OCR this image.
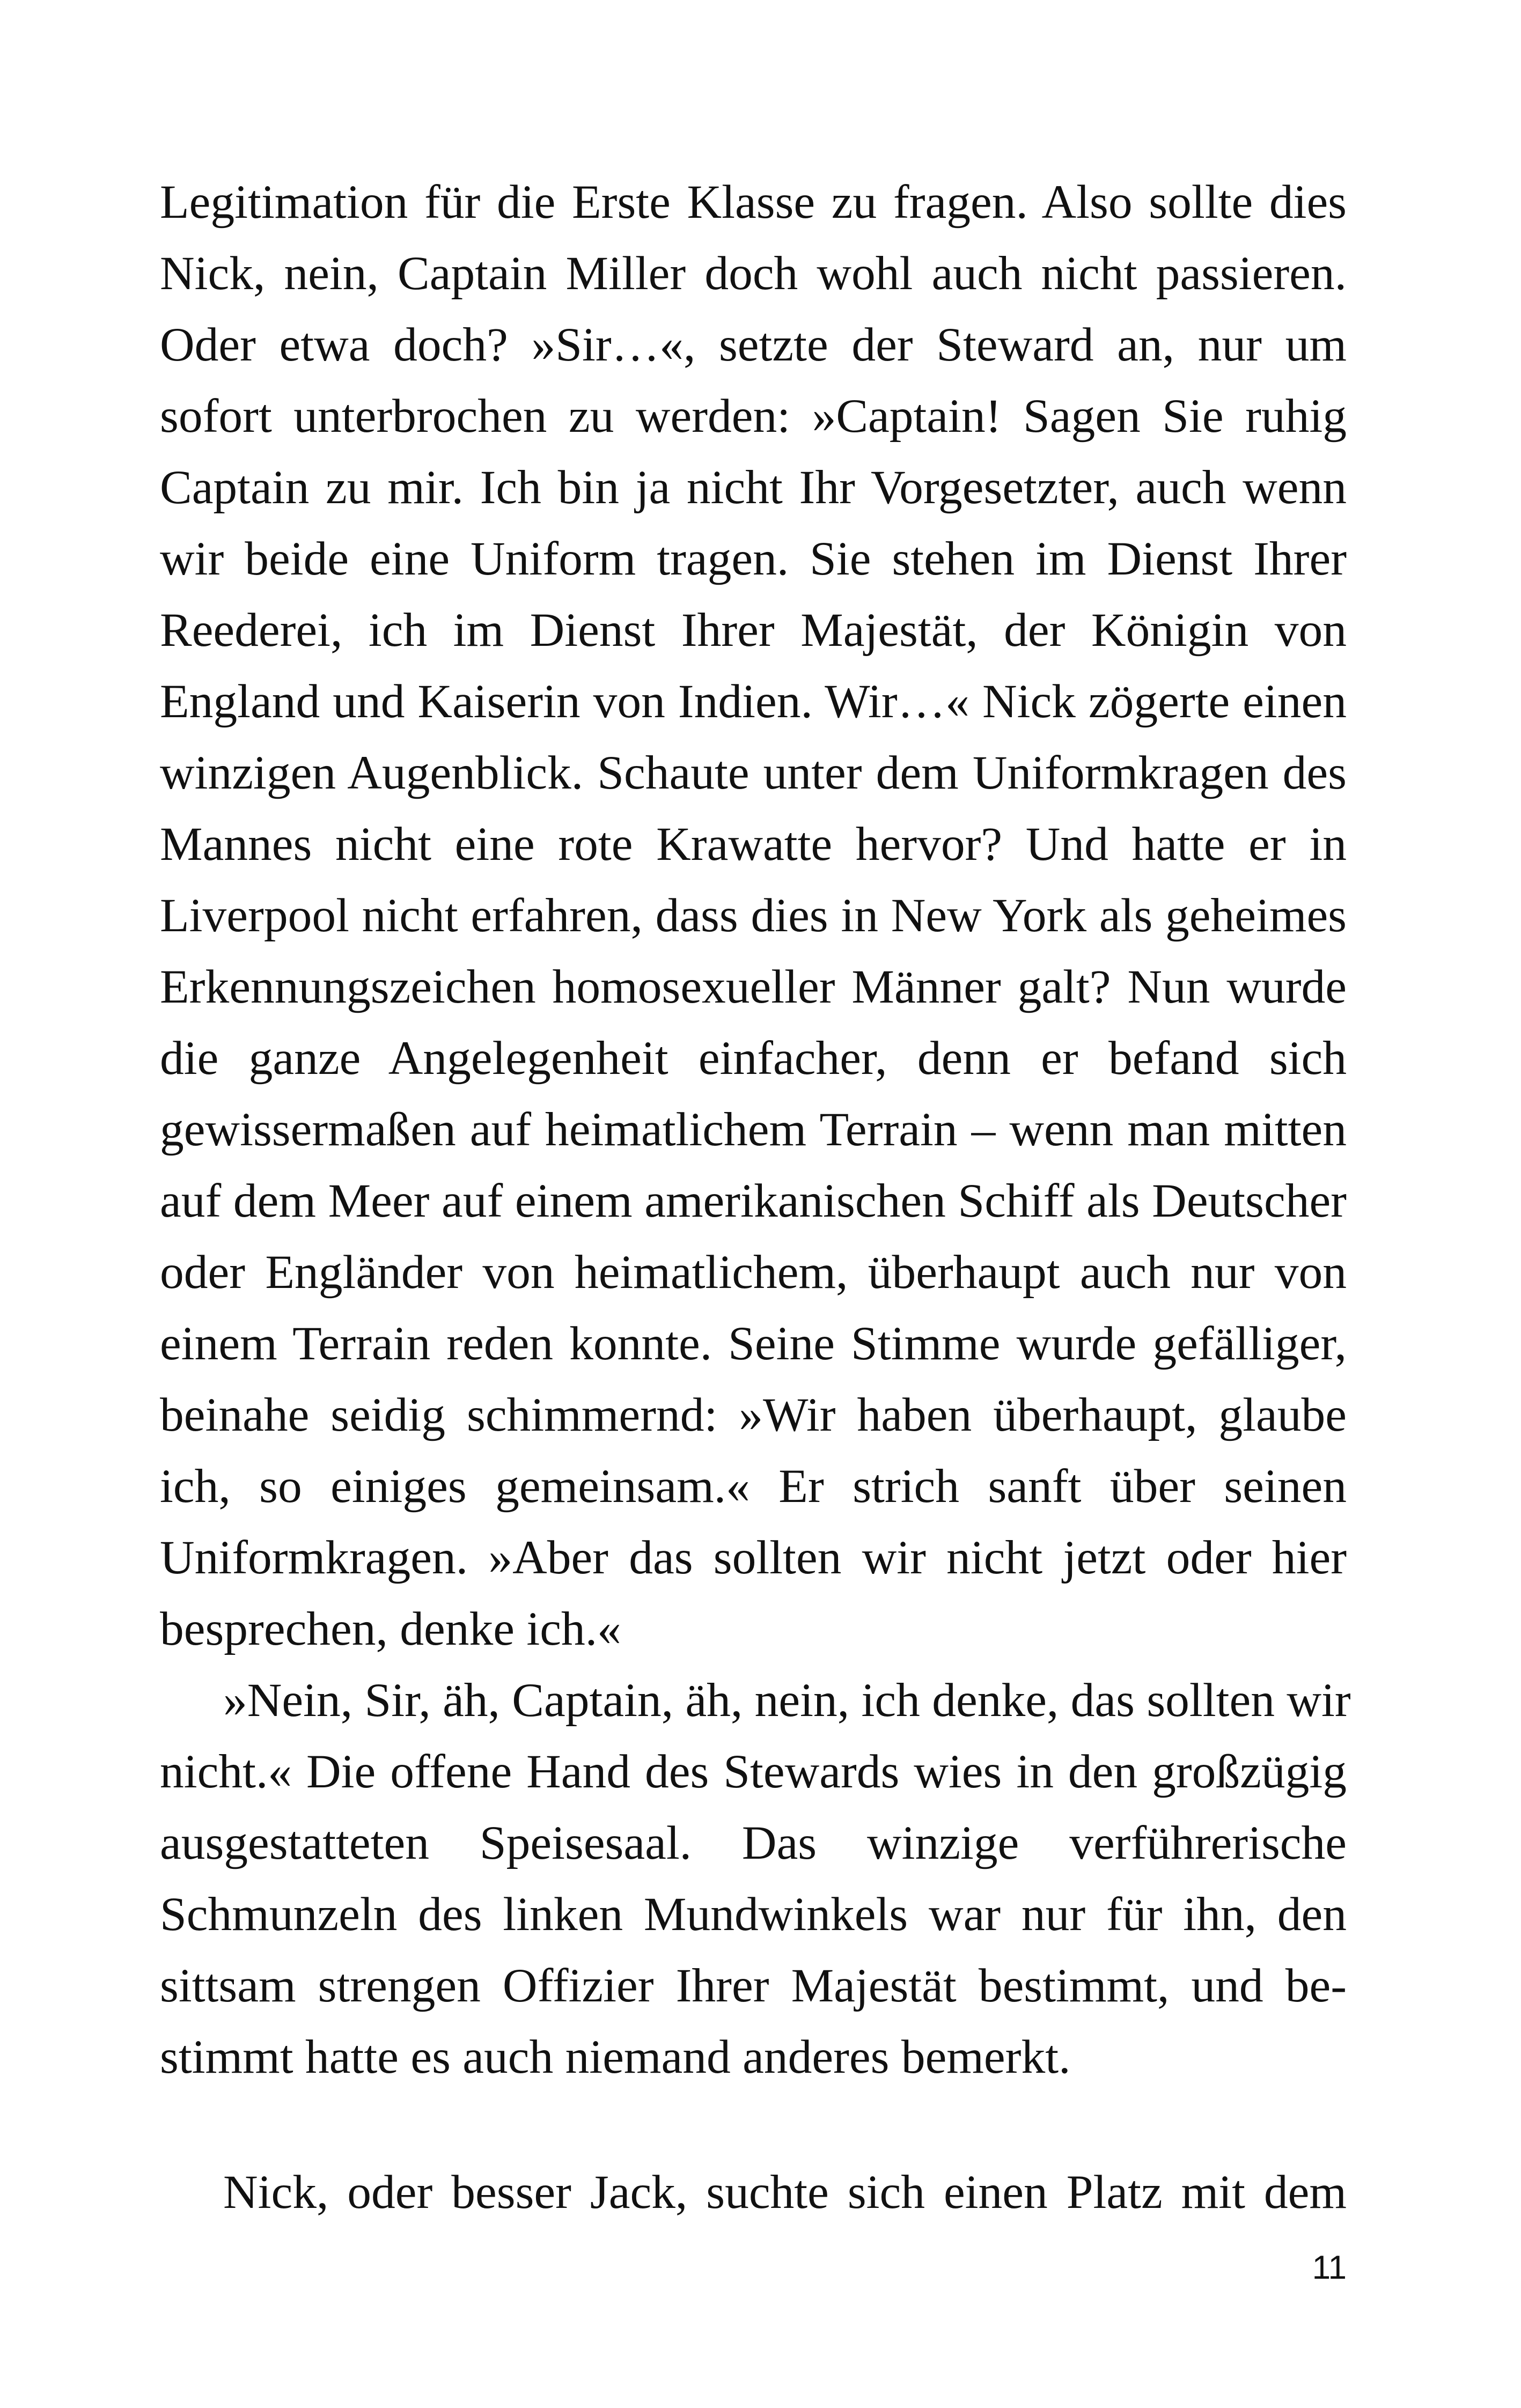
Legitimation für die Erste Klasse zu fragen. Also sollte dies
Nick, nein, Captain Miller doch wohl auch nicht passieren.
Oder etwa doch? »Sir…«, setzte der Steward an, nur um
sofort unterbrochen zu werden: »Captain! Sagen Sie ruhig
Captain zu mir. Ich bin ja nicht Ihr Vorgesetzter, auch wenn
wir beide eine Uniform tragen. Sie stehen im Dienst Ihrer
Reederei, ich im Dienst Ihrer Majestät, der Königin von
England und Kaiserin von Indien. Wir…« Nick zögerte einen
winzigen Augenblick. Schaute unter dem Uniformkragen des
Mannes nicht eine rote Krawatte hervor? Und hatte er in
Liverpool nicht erfahren, dass dies in New York als geheimes
Erkennungszeichen homosexueller Männer galt? Nun wurde
die ganze Angelegenheit einfacher, denn er befand sich
gewissermaßen auf heimatlichem Terrain – wenn man mitten
auf dem Meer auf einem amerikanischen Schiff als Deutscher
oder Engländer von heimatlichem, überhaupt auch nur von
einem Terrain reden konnte. Seine Stimme wurde gefälliger,
beinahe seidig schimmernd: »Wir haben überhaupt, glaube
ich, so einiges gemeinsam.« Er strich sanft über seinen
Uniformkragen. »Aber das sollten wir nicht jetzt oder hier
besprechen, denke ich.«
»Nein, Sir, äh, Captain, äh, nein, ich denke, das sollten wir
nicht.« Die offene Hand des Stewards wies in den großzügig
ausgestatteten Speisesaal. Das winzige verführerische
Schmunzeln des linken Mundwinkels war nur für ihn, den
sittsam strengen Offizier Ihrer Majestät bestimmt, und be-
stimmt hatte es auch niemand anderes bemerkt.
Nick, oder besser Jack, suchte sich einen Platz mit dem
11
